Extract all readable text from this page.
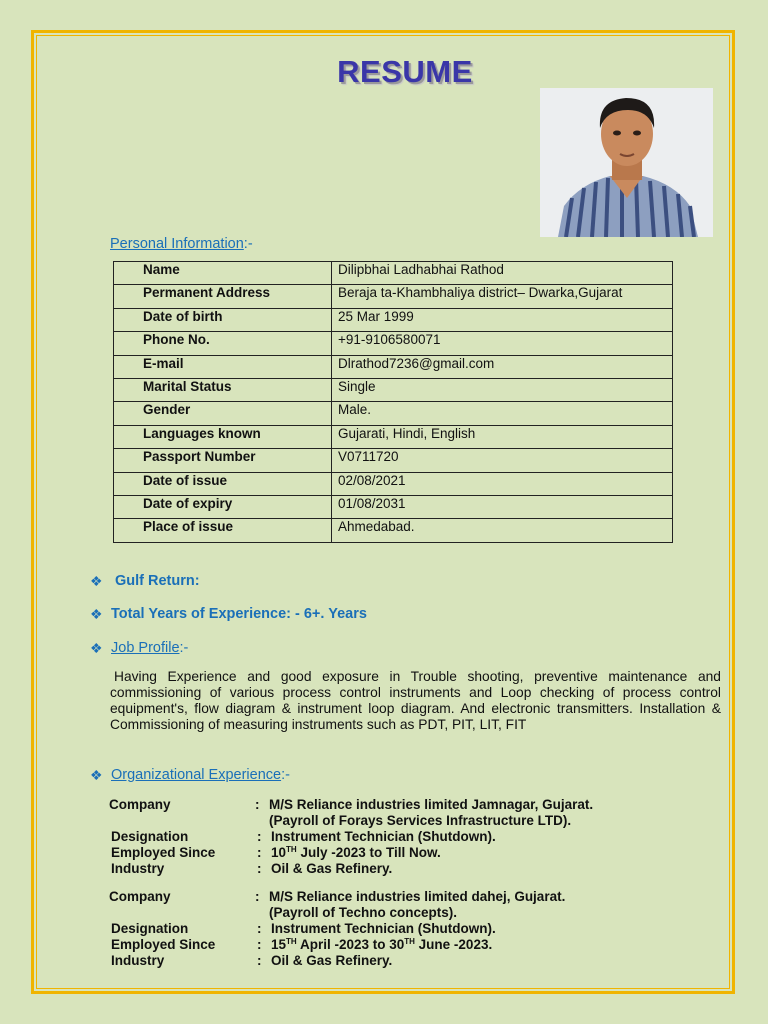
RESUME
Personal Information:-
Name	Dilipbhai Ladhabhai Rathod
Permanent Address	Beraja ta-Khambhaliya district– Dwarka,Gujarat
Date of birth	25 Mar 1999
Phone No.	+91-9106580071
E-mail	Dlrathod7236@gmail.com
Marital Status	Single
Gender	Male.
Languages known	Gujarati, Hindi, English
Passport Number	V0711720
Date of issue	02/08/2021
Date of expiry	01/08/2031
Place of issue	Ahmedabad.
❖ Gulf Return:
❖ Total Years of Experience: - 6+. Years
❖ Job Profile:-
Having Experience and good exposure in Trouble shooting, preventive maintenance and commissioning of various process control instruments and Loop checking of process control equipment's, flow diagram & instrument loop diagram. And electronic transmitters. Installation & Commissioning of measuring instruments such as PDT, PIT, LIT, FIT
❖ Organizational Experience:-
Company	: M/S Reliance industries limited Jamnagar, Gujarat.
(Payroll of Forays Services Infrastructure LTD).
Designation	: Instrument Technician (Shutdown).
Employed Since	: 10TH July -2023 to Till Now.
Industry	: Oil & Gas Refinery.
Company	: M/S Reliance industries limited dahej, Gujarat.
(Payroll of Techno concepts).
Designation	: Instrument Technician (Shutdown).
Employed Since	: 15TH April -2023 to 30TH June -2023.
Industry	: Oil & Gas Refinery.
